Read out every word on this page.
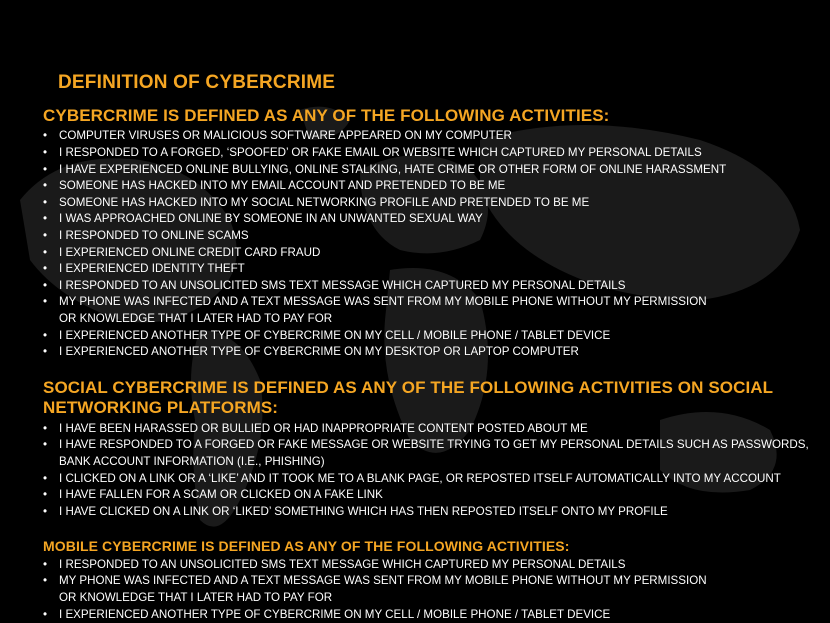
DEFINITION OF CYBERCRIME
CYBERCRIME IS DEFINED AS ANY OF THE FOLLOWING ACTIVITIES:
• COMPUTER VIRUSES OR MALICIOUS SOFTWARE APPEARED ON MY COMPUTER
• I RESPONDED TO A FORGED, ‘SPOOFED’ OR FAKE EMAIL OR WEBSITE WHICH CAPTURED MY PERSONAL DETAILS
• I HAVE EXPERIENCED ONLINE BULLYING, ONLINE STALKING, HATE CRIME OR OTHER FORM OF ONLINE HARASSMENT
• SOMEONE HAS HACKED INTO MY EMAIL ACCOUNT AND PRETENDED TO BE ME
• SOMEONE HAS HACKED INTO MY SOCIAL NETWORKING PROFILE AND PRETENDED TO BE ME
• I WAS APPROACHED ONLINE BY SOMEONE IN AN UNWANTED SEXUAL WAY
• I RESPONDED TO ONLINE SCAMS
• I EXPERIENCED ONLINE CREDIT CARD FRAUD
• I EXPERIENCED IDENTITY THEFT
• I RESPONDED TO AN UNSOLICITED SMS TEXT MESSAGE WHICH CAPTURED MY PERSONAL DETAILS
• MY PHONE WAS INFECTED AND A TEXT MESSAGE WAS SENT FROM MY MOBILE PHONE WITHOUT MY PERMISSION
OR KNOWLEDGE THAT I LATER HAD TO PAY FOR
• I EXPERIENCED ANOTHER TYPE OF CYBERCRIME ON MY CELL / MOBILE PHONE / TABLET DEVICE
• I EXPERIENCED ANOTHER TYPE OF CYBERCRIME ON MY DESKTOP OR LAPTOP COMPUTER
SOCIAL CYBERCRIME IS DEFINED AS ANY OF THE FOLLOWING ACTIVITIES ON SOCIAL NETWORKING PLATFORMS:
• I HAVE BEEN HARASSED OR BULLIED OR HAD INAPPROPRIATE CONTENT POSTED ABOUT ME
• I HAVE RESPONDED TO A FORGED OR FAKE MESSAGE OR WEBSITE TRYING TO GET MY PERSONAL DETAILS SUCH AS PASSWORDS, BANK ACCOUNT INFORMATION (I.E., PHISHING)
• I CLICKED ON A LINK OR A ‘LIKE’ AND IT TOOK ME TO A BLANK PAGE, OR REPOSTED ITSELF AUTOMATICALLY INTO MY ACCOUNT
• I HAVE FALLEN FOR A SCAM OR CLICKED ON A FAKE LINK
• I HAVE CLICKED ON A LINK OR ‘LIKED’ SOMETHING WHICH HAS THEN REPOSTED ITSELF ONTO MY PROFILE
MOBILE CYBERCRIME IS DEFINED AS ANY OF THE FOLLOWING ACTIVITIES:
• I RESPONDED TO AN UNSOLICITED SMS TEXT MESSAGE WHICH CAPTURED MY PERSONAL DETAILS
• MY PHONE WAS INFECTED AND A TEXT MESSAGE WAS SENT FROM MY MOBILE PHONE WITHOUT MY PERMISSION
OR KNOWLEDGE THAT I LATER HAD TO PAY FOR
• I EXPERIENCED ANOTHER TYPE OF CYBERCRIME ON MY CELL / MOBILE PHONE / TABLET DEVICE
